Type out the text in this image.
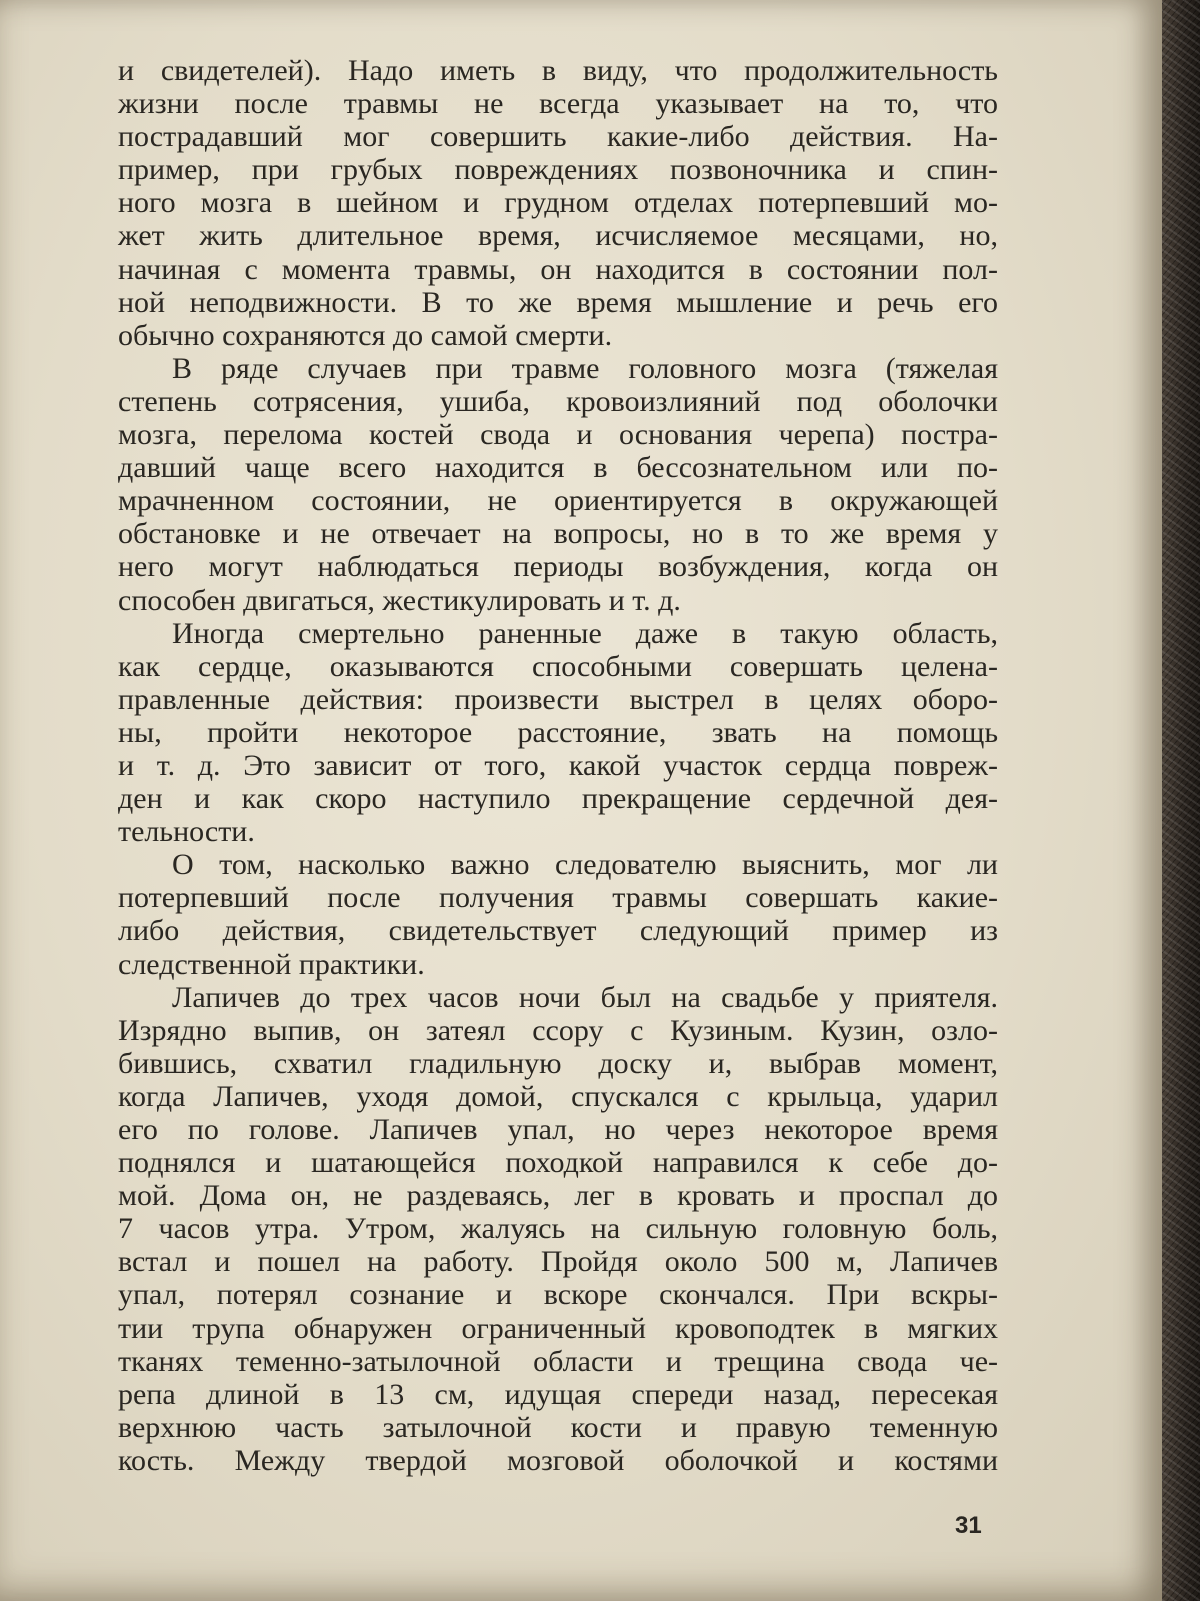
и свидетелей). Надо иметь в виду, что продолжительность
жизни после травмы не всегда указывает на то, что
пострадавший мог совершить какие-либо действия. На-
пример, при грубых повреждениях позвоночника и спин-
ного мозга в шейном и грудном отделах потерпевший мо-
жет жить длительное время, исчисляемое месяцами, но,
начиная с момента травмы, он находится в состоянии пол-
ной неподвижности. В то же время мышление и речь его
обычно сохраняются до самой смерти.
В ряде случаев при травме головного мозга (тяжелая
степень сотрясения, ушиба, кровоизлияний под оболочки
мозга, перелома костей свода и основания черепа) постра-
давший чаще всего находится в бессознательном или по-
мрачненном состоянии, не ориентируется в окружающей
обстановке и не отвечает на вопросы, но в то же время у
него могут наблюдаться периоды возбуждения, когда он
способен двигаться, жестикулировать и т. д.
Иногда смертельно раненные даже в такую область,
как сердце, оказываются способными совершать целена-
правленные действия: произвести выстрел в целях оборо-
ны, пройти некоторое расстояние, звать на помощь
и т. д. Это зависит от того, какой участок сердца повреж-
ден и как скоро наступило прекращение сердечной дея-
тельности.
О том, насколько важно следователю выяснить, мог ли
потерпевший после получения травмы совершать какие-
либо действия, свидетельствует следующий пример из
следственной практики.
Лапичев до трех часов ночи был на свадьбе у приятеля.
Изрядно выпив, он затеял ссору с Кузиным. Кузин, озло-
бившись, схватил гладильную доску и, выбрав момент,
когда Лапичев, уходя домой, спускался с крыльца, ударил
его по голове. Лапичев упал, но через некоторое время
поднялся и шатающейся походкой направился к себе до-
мой. Дома он, не раздеваясь, лег в кровать и проспал до
7 часов утра. Утром, жалуясь на сильную головную боль,
встал и пошел на работу. Пройдя около 500 м, Лапичев
упал, потерял сознание и вскоре скончался. При вскры-
тии трупа обнаружен ограниченный кровоподтек в мягких
тканях теменно-затылочной области и трещина свода че-
репа длиной в 13 см, идущая спереди назад, пересекая
верхнюю часть затылочной кости и правую теменную
кость. Между твердой мозговой оболочкой и костями
31
